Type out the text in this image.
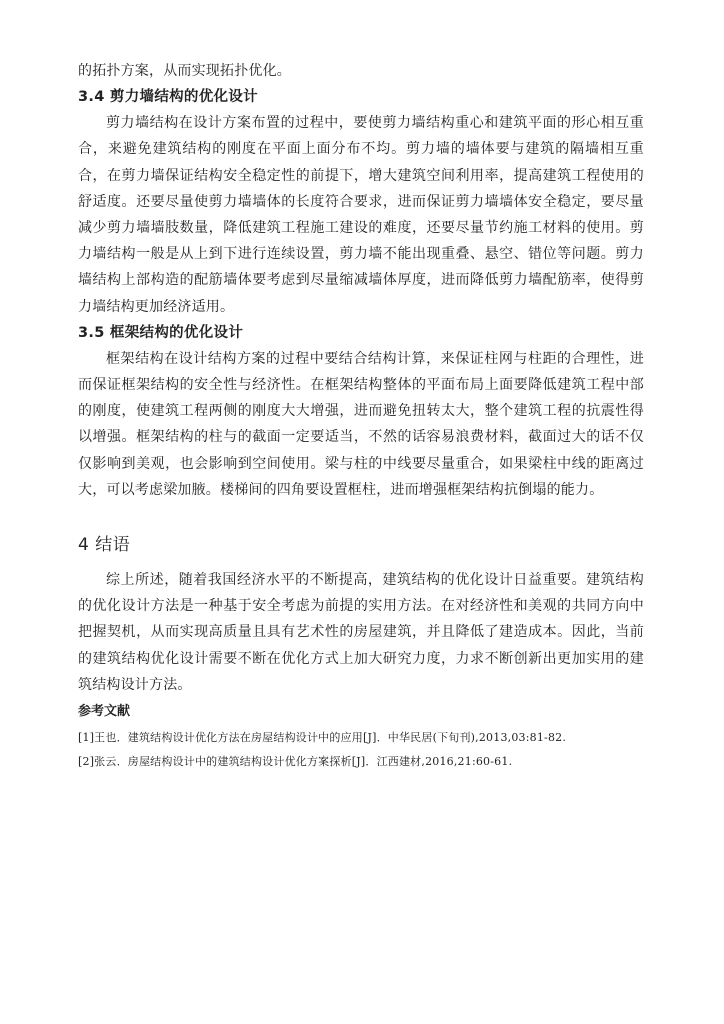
的拓扑方案，从而实现拓扑优化。

3.4 剪力墙结构的优化设计

剪力墙结构在设计方案布置的过程中，要使剪力墙结构重心和建筑平面的形心相互重合，来避免建筑结构的刚度在平面上面分布不均。剪力墙的墙体要与建筑的隔墙相互重合，在剪力墙保证结构安全稳定性的前提下，增大建筑空间利用率，提高建筑工程使用的舒适度。还要尽量使剪力墙墙体的长度符合要求，进而保证剪力墙墙体安全稳定，要尽量减少剪力墙墙肢数量，降低建筑工程施工建设的难度，还要尽量节约施工材料的使用。剪力墙结构一般是从上到下进行连续设置，剪力墙不能出现重叠、悬空、错位等问题。剪力墙结构上部构造的配筋墙体要考虑到尽量缩减墙体厚度，进而降低剪力墙配筋率，使得剪力墙结构更加经济适用。

3.5 框架结构的优化设计

框架结构在设计结构方案的过程中要结合结构计算，来保证柱网与柱距的合理性，进而保证框架结构的安全性与经济性。在框架结构整体的平面布局上面要降低建筑工程中部的刚度，使建筑工程两侧的刚度大大增强，进而避免扭转太大，整个建筑工程的抗震性得以增强。框架结构的柱与的截面一定要适当，不然的话容易浪费材料，截面过大的话不仅仅影响到美观，也会影响到空间使用。梁与柱的中线要尽量重合，如果梁柱中线的距离过大，可以考虑梁加腋。楼梯间的四角要设置框柱，进而增强框架结构抗倒塌的能力。

4 结语

综上所述，随着我国经济水平的不断提高，建筑结构的优化设计日益重要。建筑结构的优化设计方法是一种基于安全考虑为前提的实用方法。在对经济性和美观的共同方向中把握契机，从而实现高质量且具有艺术性的房屋建筑，并且降低了建造成本。因此，当前的建筑结构优化设计需要不断在优化方式上加大研究力度，力求不断创新出更加实用的建筑结构设计方法。

参考文献
[1]王也．建筑结构设计优化方法在房屋结构设计中的应用[J]．中华民居(下旬刊),2013,03:81-82.
[2]张云．房屋结构设计中的建筑结构设计优化方案探析[J]．江西建材,2016,21:60-61.
